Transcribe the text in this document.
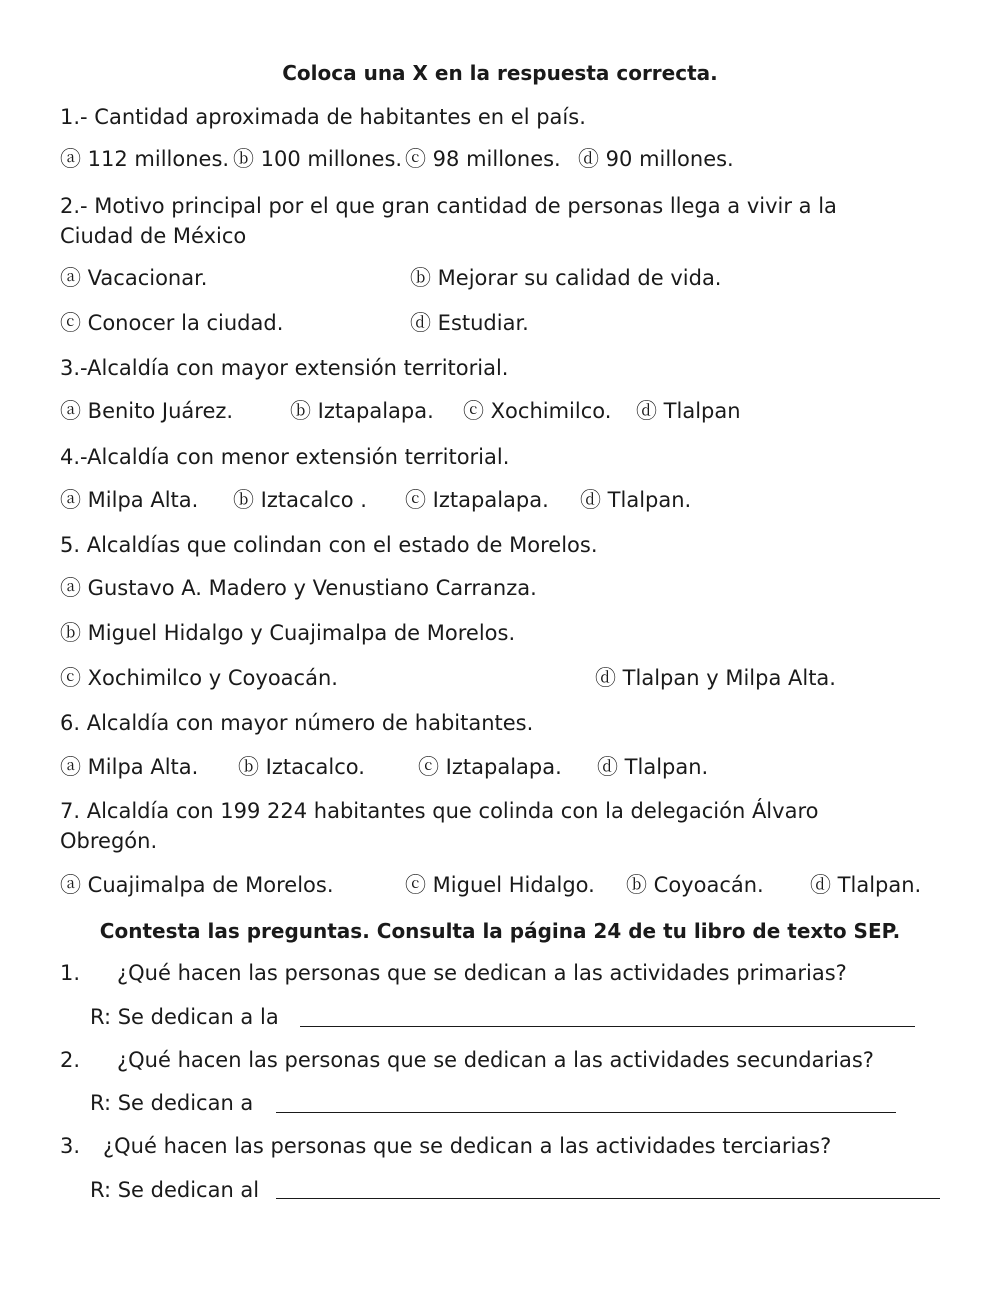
Coloca una X en la respuesta correcta.
1.- Cantidad aproximada de habitantes en el país.
ⓐ 112 millones. ⓑ 100 millones. ⓒ 98 millones. ⓓ 90 millones.
2.- Motivo principal por el que gran cantidad de personas llega a vivir a la
Ciudad de México
ⓐ Vacacionar.	ⓑ Mejorar su calidad de vida.
ⓒ Conocer la ciudad.	ⓓ Estudiar.
3.-Alcaldía con mayor extensión territorial.
ⓐ Benito Juárez.	ⓑ Iztapalapa. ⓒ Xochimilco. ⓓ Tlalpan
4.-Alcaldía con menor extensión territorial.
ⓐ Milpa Alta. ⓑ Iztacalco . ⓒ Iztapalapa. ⓓ Tlalpan.
5. Alcaldías que colindan con el estado de Morelos.
ⓐ Gustavo A. Madero y Venustiano Carranza.
ⓑ Miguel Hidalgo y Cuajimalpa de Morelos.
ⓒ Xochimilco y Coyoacán.	ⓓ Tlalpan y Milpa Alta.
6. Alcaldía con mayor número de habitantes.
ⓐ Milpa Alta. ⓑ Iztacalco.	ⓒ Iztapalapa. ⓓ Tlalpan.
7. Alcaldía con 199 224 habitantes que colinda con la delegación Álvaro
Obregón.
ⓐ Cuajimalpa de Morelos.	ⓒ Miguel Hidalgo. ⓑ Coyoacán. ⓓ Tlalpan.
Contesta las preguntas. Consulta la página 24 de tu libro de texto SEP.
1. ¿Qué hacen las personas que se dedican a las actividades primarias?
R: Se dedican a la
2. ¿Qué hacen las personas que se dedican a las actividades secundarias?
R: Se dedican a
3. ¿Qué hacen las personas que se dedican a las actividades terciarias?
R: Se dedican al
